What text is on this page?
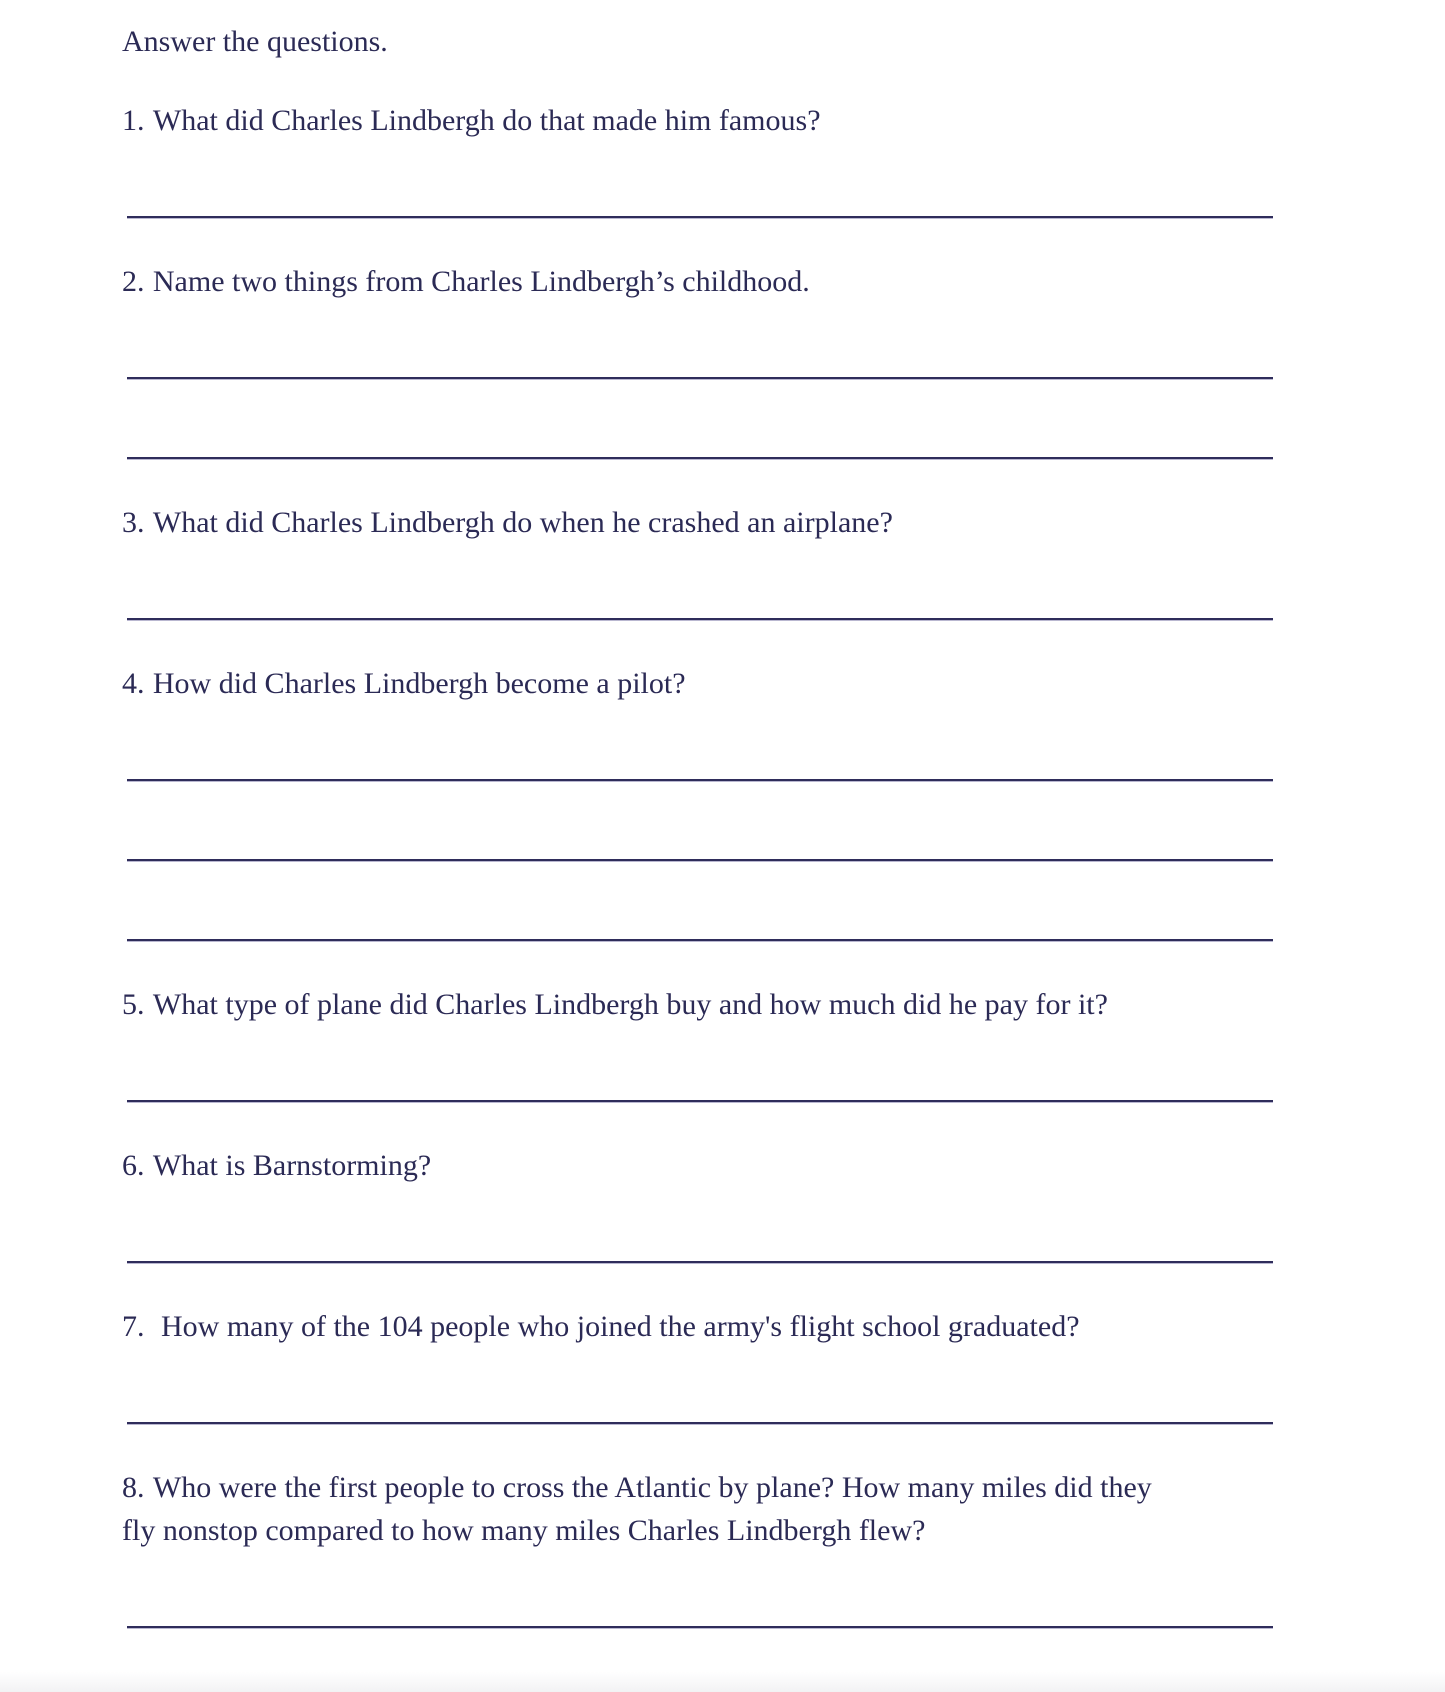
Answer the questions.

1. What did Charles Lindbergh do that made him famous?

2. Name two things from Charles Lindbergh’s childhood.

3. What did Charles Lindbergh do when he crashed an airplane?

4. How did Charles Lindbergh become a pilot?

5. What type of plane did Charles Lindbergh buy and how much did he pay for it?

6. What is Barnstorming?

7. How many of the 104 people who joined the army's flight school graduated?

8. Who were the first people to cross the Atlantic by plane? How many miles did they
fly nonstop compared to how many miles Charles Lindbergh flew?
